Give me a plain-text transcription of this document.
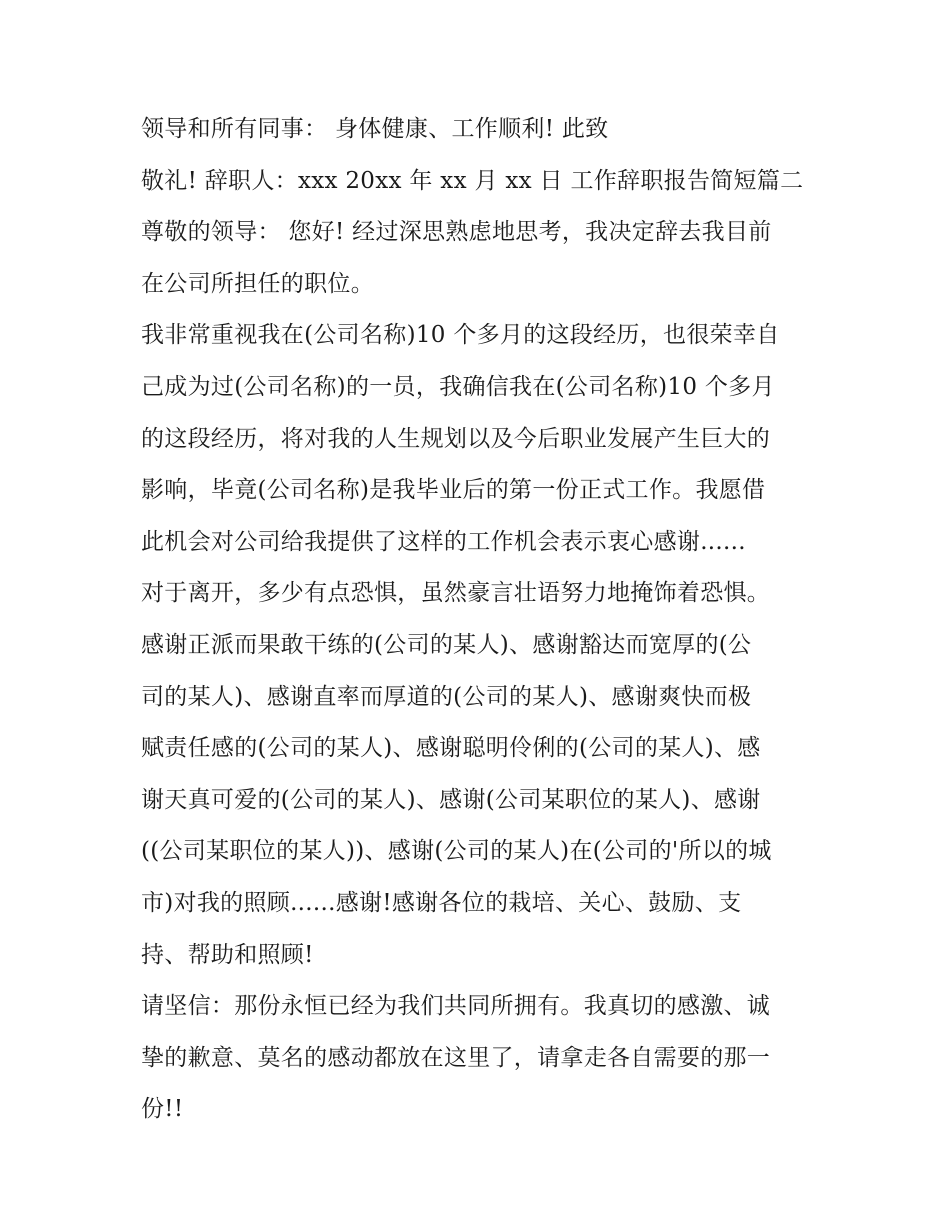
领导和所有同事： 身体健康、工作顺利! 此致
敬礼! 辞职人：xxx 20xx 年 xx 月 xx 日 工作辞职报告简短篇二
尊敬的领导： 您好! 经过深思熟虑地思考，我决定辞去我目前
在公司所担任的职位。
我非常重视我在(公司名称)10 个多月的这段经历，也很荣幸自
己成为过(公司名称)的一员，我确信我在(公司名称)10 个多月
的这段经历，将对我的人生规划以及今后职业发展产生巨大的
影响，毕竟(公司名称)是我毕业后的第一份正式工作。我愿借
此机会对公司给我提供了这样的工作机会表示衷心感谢......
对于离开，多少有点恐惧，虽然豪言壮语努力地掩饰着恐惧。
感谢正派而果敢干练的(公司的某人)、感谢豁达而宽厚的(公
司的某人)、感谢直率而厚道的(公司的某人)、感谢爽快而极
赋责任感的(公司的某人)、感谢聪明伶俐的(公司的某人)、感
谢天真可爱的(公司的某人)、感谢(公司某职位的某人)、感谢
((公司某职位的某人))、感谢(公司的某人)在(公司的'所以的城
市)对我的照顾......感谢!感谢各位的栽培、关心、鼓励、支
持、帮助和照顾!
请坚信：那份永恒已经为我们共同所拥有。我真切的感激、诚
挚的歉意、莫名的感动都放在这里了，请拿走各自需要的那一
份!!
